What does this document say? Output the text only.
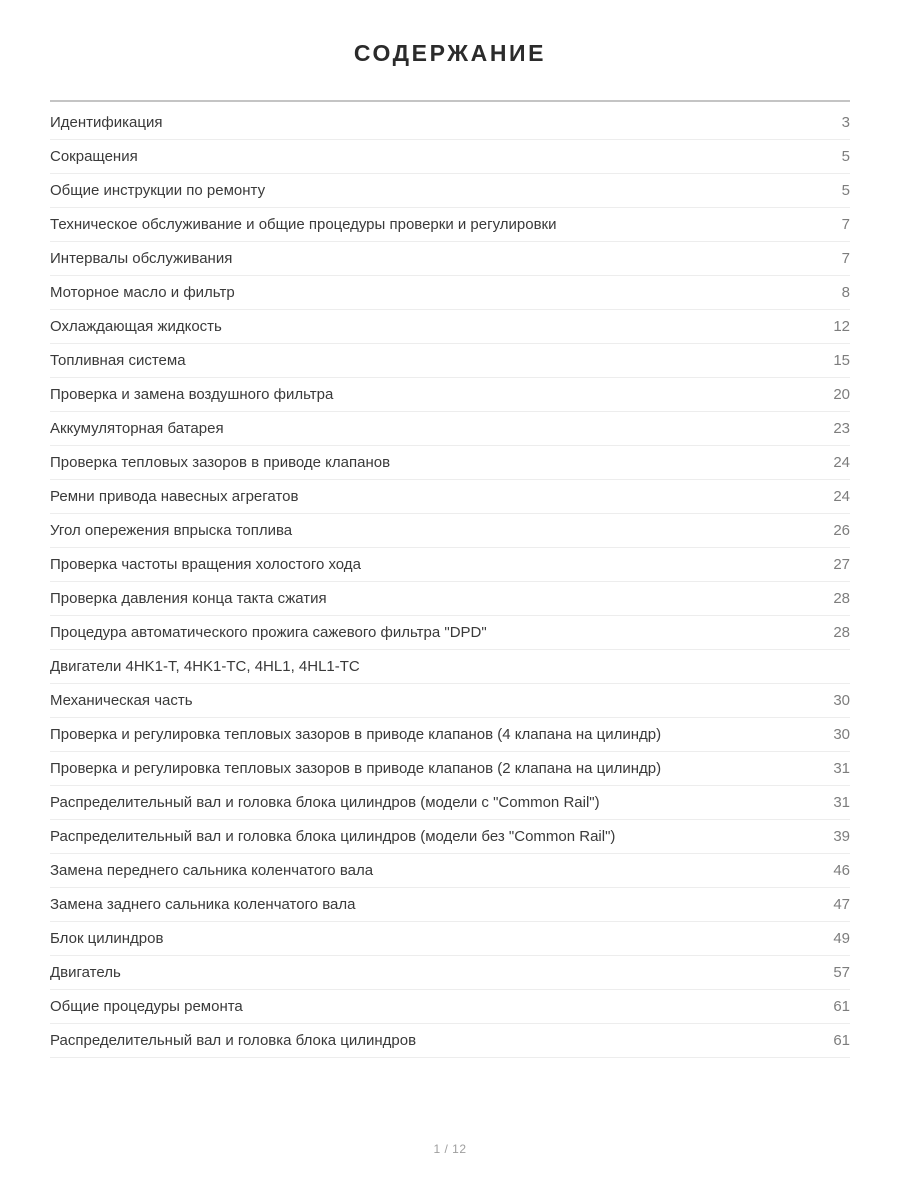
СОДЕРЖАНИЕ
Идентификация	3
Сокращения	5
Общие инструкции по ремонту	5
Техническое обслуживание и общие процедуры проверки и регулировки	7
Интервалы обслуживания	7
Моторное масло и фильтр	8
Охлаждающая жидкость	12
Топливная система	15
Проверка и замена воздушного фильтра	20
Аккумуляторная батарея	23
Проверка тепловых зазоров в приводе клапанов	24
Ремни привода навесных агрегатов	24
Угол опережения впрыска топлива	26
Проверка частоты вращения холостого хода	27
Проверка давления конца такта сжатия	28
Процедура автоматического прожига сажевого фильтра "DPD"	28
Двигатели 4HK1-T, 4HK1-TC, 4HL1, 4HL1-TC
Механическая часть	30
Проверка и регулировка тепловых зазоров в приводе клапанов (4 клапана на цилиндр)	30
Проверка и регулировка тепловых зазоров в приводе клапанов (2 клапана на цилиндр)	31
Распределительный вал и головка блока цилиндров (модели с "Common Rail")	31
Распределительный вал и головка блока цилиндров (модели без "Common Rail")	39
Замена переднего сальника коленчатого вала	46
Замена заднего сальника коленчатого вала	47
Блок цилиндров	49
Двигатель	57
Общие процедуры ремонта	61
Распределительный вал и головка блока цилиндров	61
1 / 12
